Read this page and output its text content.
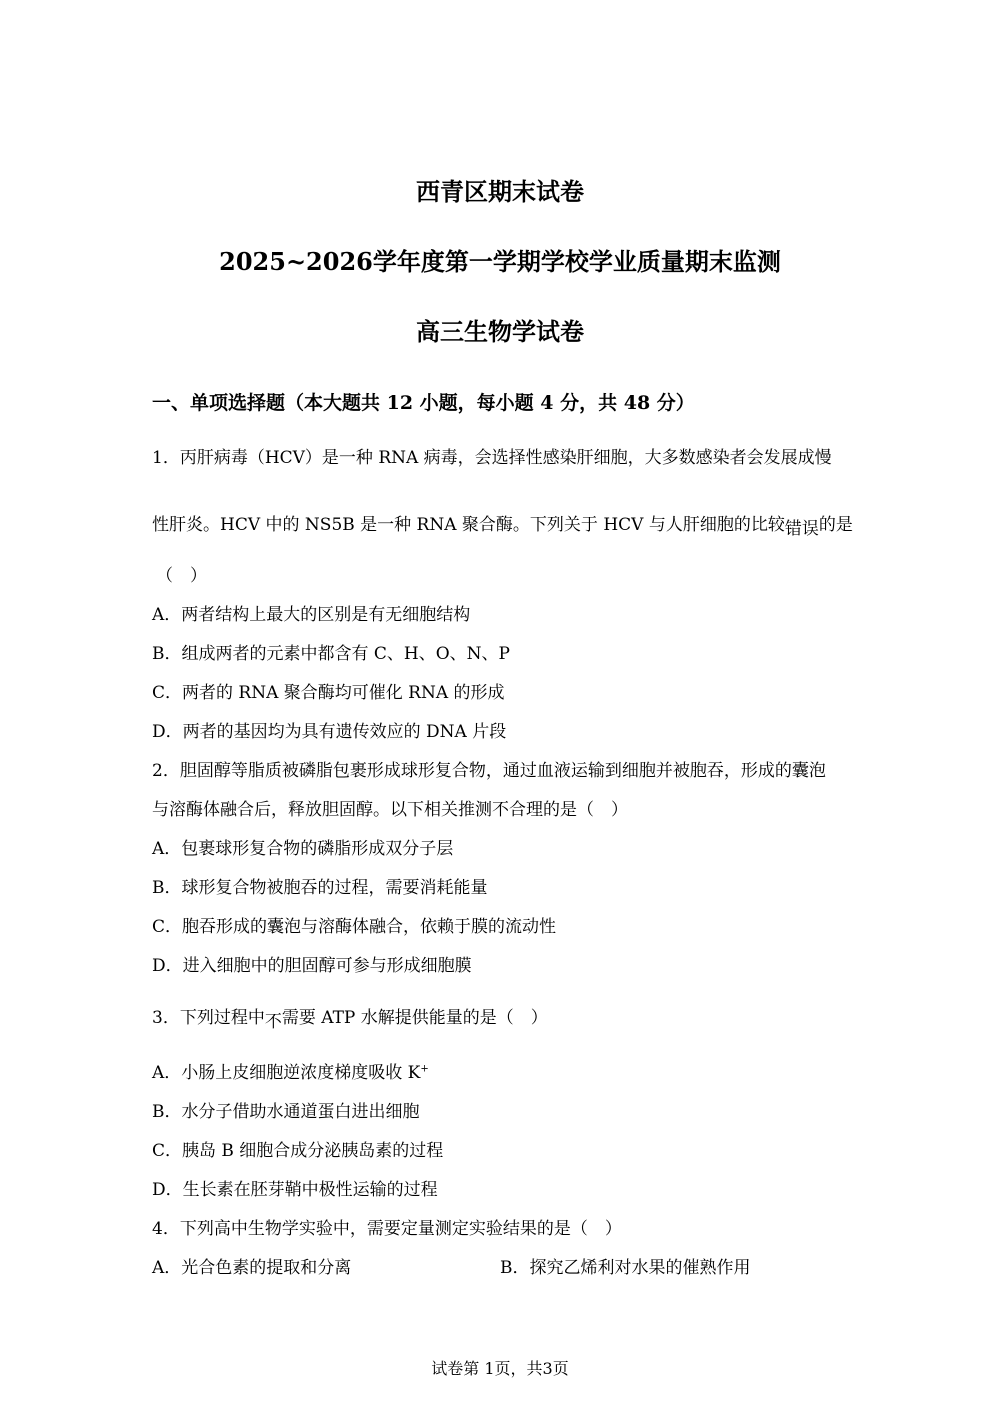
西青区期末试卷
2025~2026学年度第一学期学校学业质量期末监测
高三生物学试卷
一、单项选择题（本大题共 12 小题，每小题 4 分，共 48 分）
1．丙肝病毒（HCV）是一种 RNA 病毒，会选择性感染肝细胞，大多数感染者会发展成慢
性肝炎。HCV 中的 NS5B 是一种 RNA 聚合酶。下列关于 HCV 与人肝细胞的比较错误的是
（　）
A．两者结构上最大的区别是有无细胞结构
B．组成两者的元素中都含有 C、H、O、N、P
C．两者的 RNA 聚合酶均可催化 RNA 的形成
D．两者的基因均为具有遗传效应的 DNA 片段
2．胆固醇等脂质被磷脂包裹形成球形复合物，通过血液运输到细胞并被胞吞，形成的囊泡
与溶酶体融合后，释放胆固醇。以下相关推测不合理的是（　）
A．包裹球形复合物的磷脂形成双分子层
B．球形复合物被胞吞的过程，需要消耗能量
C．胞吞形成的囊泡与溶酶体融合，依赖于膜的流动性
D．进入细胞中的胆固醇可参与形成细胞膜
3．下列过程中不需要 ATP 水解提供能量的是（　）
A．小肠上皮细胞逆浓度梯度吸收 K+
B．水分子借助水通道蛋白进出细胞
C．胰岛 B 细胞合成分泌胰岛素的过程
D．生长素在胚芽鞘中极性运输的过程
4．下列高中生物学实验中，需要定量测定实验结果的是（　）
A．光合色素的提取和分离	B．探究乙烯利对水果的催熟作用
试卷第 1页，共3页
